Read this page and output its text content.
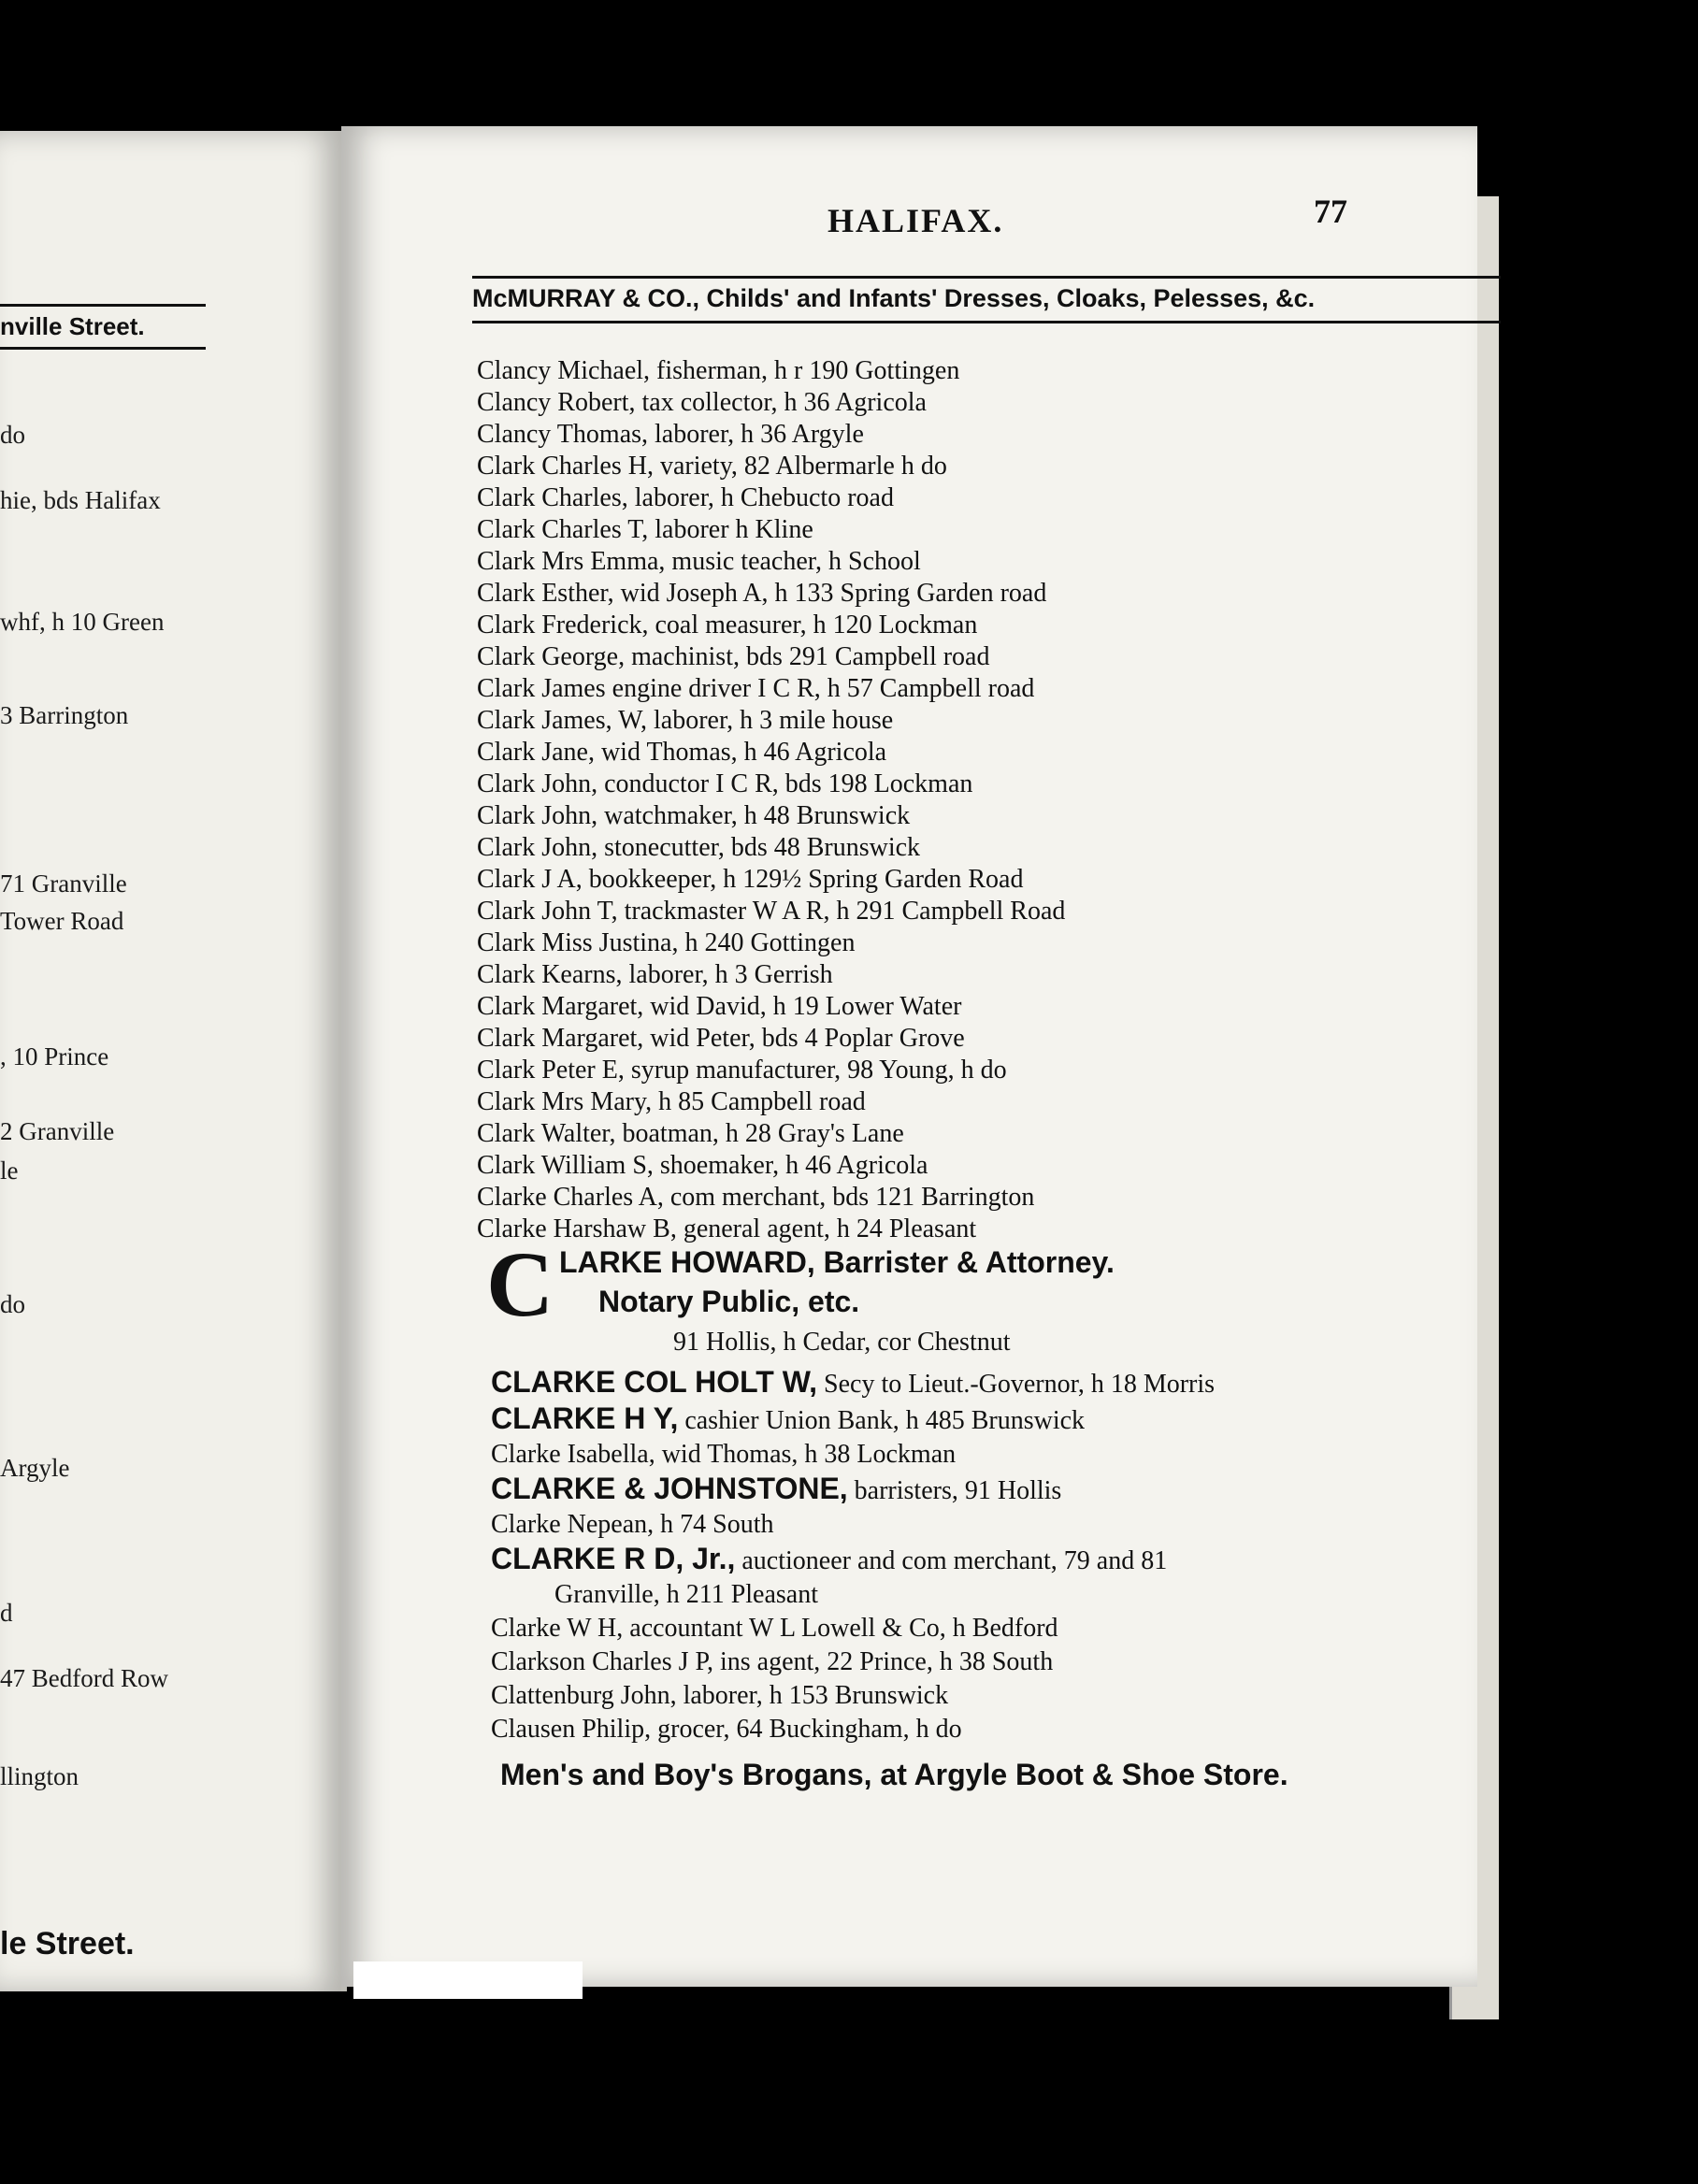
nville Street.
do
hie, bds Halifax
whf, h 10 Green
3 Barrington
71 Granville
Tower Road
, 10 Prince
2 Granville
le
do
Argyle
d
47 Bedford Row
llington
le Street.
HALIFAX.	77
McMURRAY & CO., Childs' and Infants' Dresses, Cloaks, Pelesses, &c.
Clancy Michael, fisherman, h r 190 Gottingen
Clancy Robert, tax collector, h 36 Agricola
Clancy Thomas, laborer, h 36 Argyle
Clark Charles H, variety, 82 Albermarle h do
Clark Charles, laborer, h Chebucto road
Clark Charles T, laborer h Kline
Clark Mrs Emma, music teacher, h School
Clark Esther, wid Joseph A, h 133 Spring Garden road
Clark Frederick, coal measurer, h 120 Lockman
Clark George, machinist, bds 291 Campbell road
Clark James engine driver I C R, h 57 Campbell road
Clark James, W, laborer, h 3 mile house
Clark Jane, wid Thomas, h 46 Agricola
Clark John, conductor I C R, bds 198 Lockman
Clark John, watchmaker, h 48 Brunswick
Clark John, stonecutter, bds 48 Brunswick
Clark J A, bookkeeper, h 129½ Spring Garden Road
Clark John T, trackmaster W A R, h 291 Campbell Road
Clark Miss Justina, h 240 Gottingen
Clark Kearns, laborer, h 3 Gerrish
Clark Margaret, wid David, h 19 Lower Water
Clark Margaret, wid Peter, bds 4 Poplar Grove
Clark Peter E, syrup manufacturer, 98 Young, h do
Clark Mrs Mary, h 85 Campbell road
Clark Walter, boatman, h 28 Gray's Lane
Clark William S, shoemaker, h 46 Agricola
Clarke Charles A, com merchant, bds 121 Barrington
Clarke Harshaw B, general agent, h 24 Pleasant
C LARKE HOWARD, Barrister & Attorney.
Notary Public, etc.
91 Hollis, h Cedar, cor Chestnut
CLARKE COL HOLT W, Secy to Lieut.-Governor, h 18 Morris
CLARKE H Y, cashier Union Bank, h 485 Brunswick
Clarke Isabella, wid Thomas, h 38 Lockman
CLARKE & JOHNSTONE, barristers, 91 Hollis
Clarke Nepean, h 74 South
CLARKE R D, Jr., auctioneer and com merchant, 79 and 81
Granville, h 211 Pleasant
Clarke W H, accountant W L Lowell & Co, h Bedford
Clarkson Charles J P, ins agent, 22 Prince, h 38 South
Clattenburg John, laborer, h 153 Brunswick
Clausen Philip, grocer, 64 Buckingham, h do
Men's and Boy's Brogans, at Argyle Boot & Shoe Store.
